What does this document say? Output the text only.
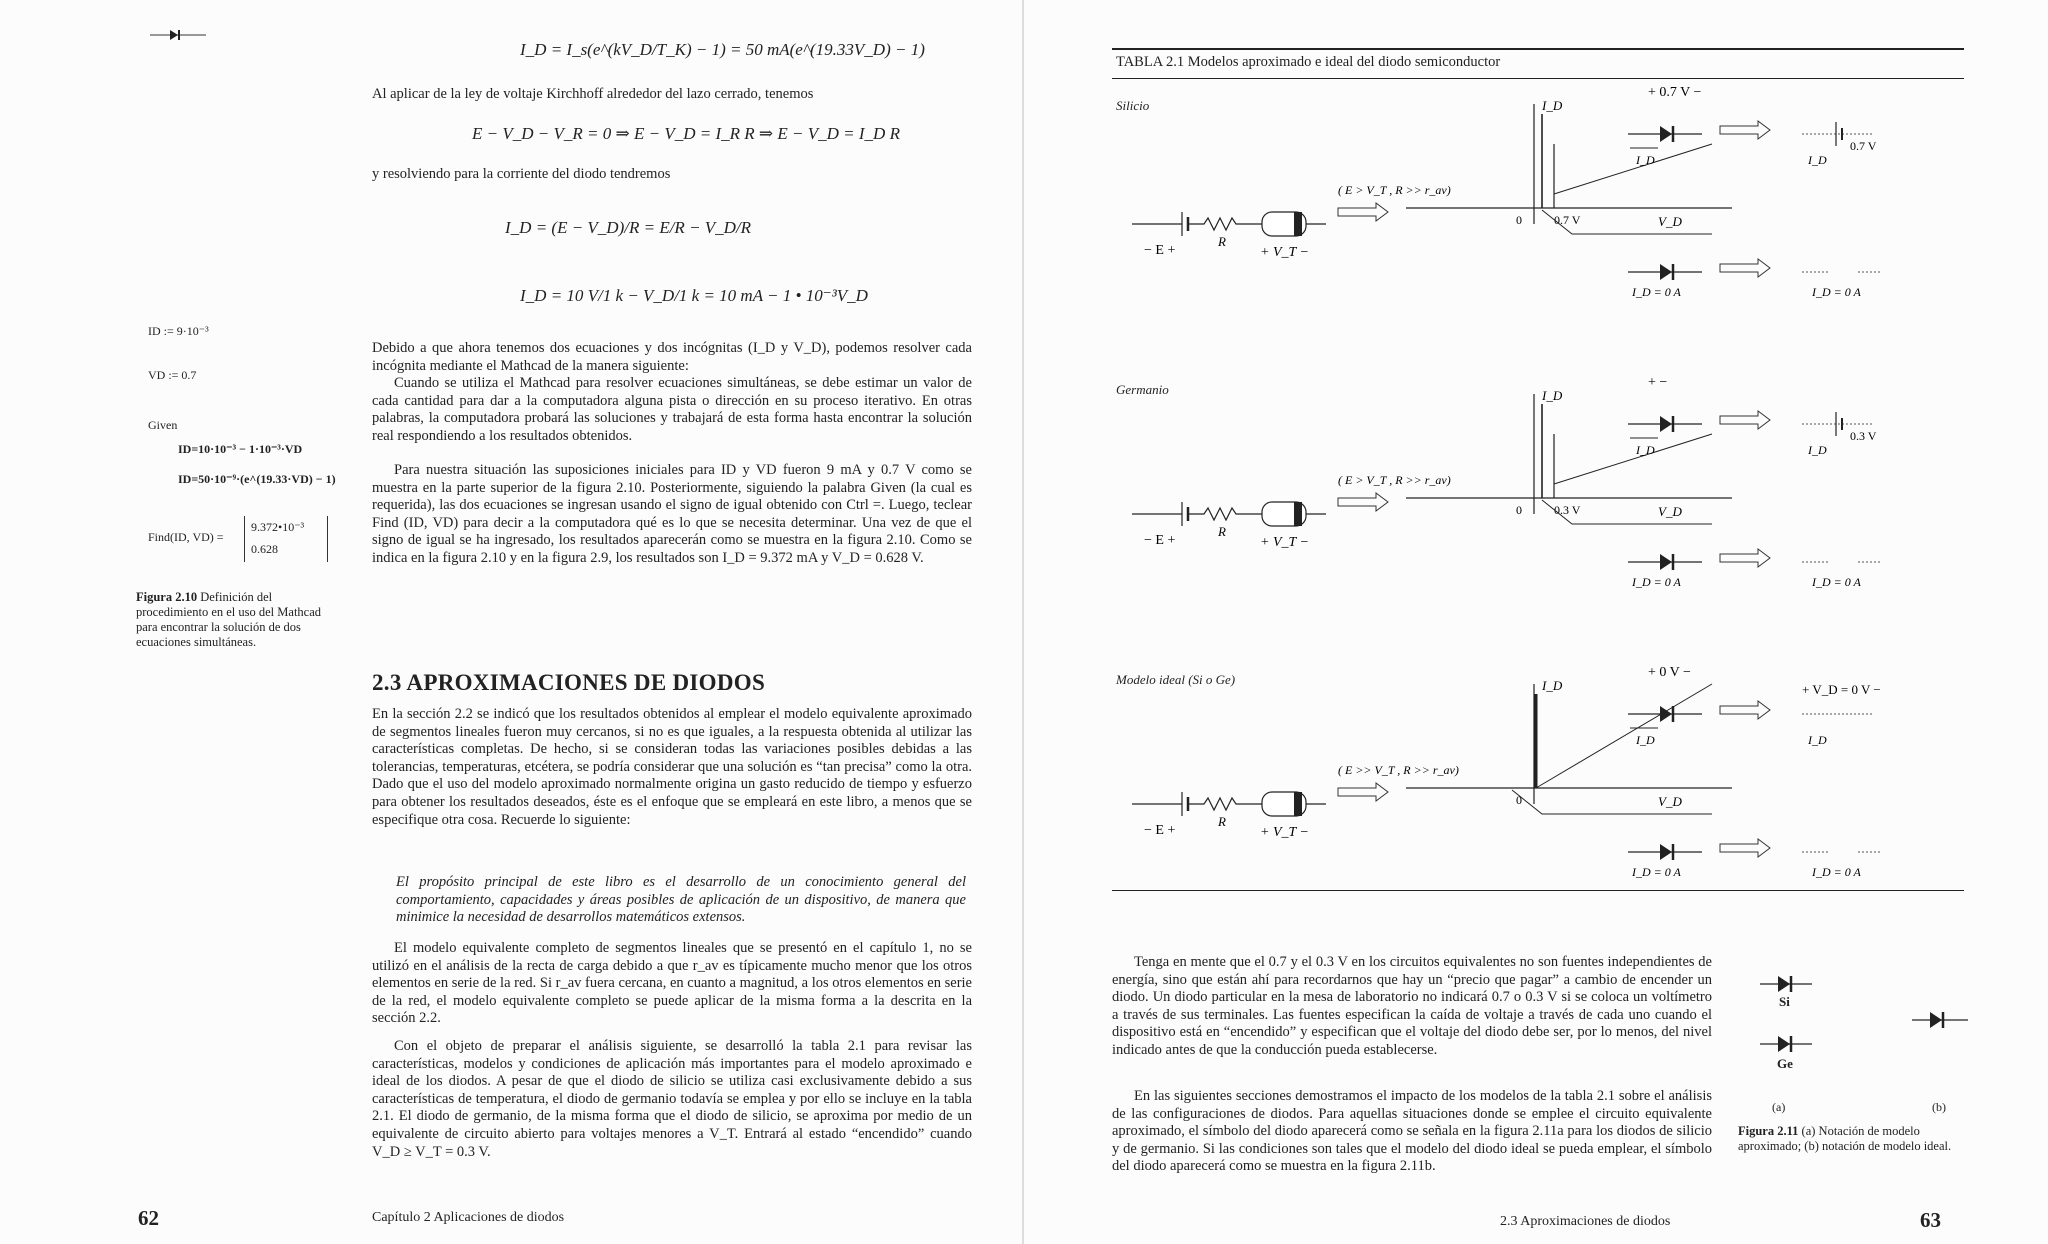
I_D = I_s(e^(kV_D/T_K) − 1) = 50 mA(e^(19.33V_D) − 1)

Al aplicar de la ley de voltaje Kirchhoff alrededor del lazo cerrado, tenemos

E − V_D − V_R = 0 ⇒ E − V_D = I_R R ⇒ E − V_D = I_D R

y resolviendo para la corriente del diodo tendremos

I_D = (E − V_D)/R = E/R − V_D/R
I_D = 10 V/1 k − V_D/1 k = 10 mA − 1 • 10⁻³V_D
ID := 9·10⁻³
VD := 0.7
Given
ID=10·10⁻³ − 1·10⁻³·VD
ID=50·10⁻⁹·(e^(19.33·VD) − 1)
Find(ID, VD) =
9.372•10⁻³
0.628
Figura 2.10 Definición del procedimiento en el uso del Mathcad para encontrar la solución de dos ecuaciones simultáneas.

Debido a que ahora tenemos dos ecuaciones y dos incógnitas (I_D y V_D), podemos resolver cada incógnita mediante el Mathcad de la manera siguiente:

Cuando se utiliza el Mathcad para resolver ecuaciones simultáneas, se debe estimar un valor de cada cantidad para dar a la computadora alguna pista o dirección en su proceso iterativo. En otras palabras, la computadora probará las soluciones y trabajará de esta forma hasta encontrar la solución real respondiendo a los resultados obtenidos.

Para nuestra situación las suposiciones iniciales para ID y VD fueron 9 mA y 0.7 V como se muestra en la parte superior de la figura 2.10. Posteriormente, siguiendo la palabra Given (la cual es requerida), las dos ecuaciones se ingresan usando el signo de igual obtenido con Ctrl =. Luego, teclear Find (ID, VD) para decir a la computadora qué es lo que se necesita determinar. Una vez de que el signo de igual se ha ingresado, los resultados aparecerán como se muestra en la figura 2.10. Como se indica en la figura 2.10 y en la figura 2.9, los resultados son I_D = 9.372 mA y V_D = 0.628 V.

2.3 APROXIMACIONES DE DIODOS

En la sección 2.2 se indicó que los resultados obtenidos al emplear el modelo equivalente aproximado de segmentos lineales fueron muy cercanos, si no es que iguales, a la respuesta obtenida al utilizar las características completas. De hecho, si se consideran todas las variaciones posibles debidas a las tolerancias, temperaturas, etcétera, se podría considerar que una solución es “tan precisa” como la otra. Dado que el uso del modelo aproximado normalmente origina un gasto reducido de tiempo y esfuerzo para obtener los resultados deseados, éste es el enfoque que se empleará en este libro, a menos que se especifique otra cosa. Recuerde lo siguiente:

El propósito principal de este libro es el desarrollo de un conocimiento general del comportamiento, capacidades y áreas posibles de aplicación de un dispositivo, de manera que minimice la necesidad de desarrollos matemáticos extensos.

El modelo equivalente completo de segmentos lineales que se presentó en el capítulo 1, no se utilizó en el análisis de la recta de carga debido a que r_av es típicamente mucho menor que los otros elementos en serie de la red. Si r_av fuera cercana, en cuanto a magnitud, a los otros elementos en serie de la red, el modelo equivalente completo se puede aplicar de la misma forma a la descrita en la sección 2.2.

Con el objeto de preparar el análisis siguiente, se desarrolló la tabla 2.1 para revisar las características, modelos y condiciones de aplicación más importantes para el modelo aproximado e ideal de los diodos. A pesar de que el diodo de silicio se utiliza casi exclusivamente debido a sus características de temperatura, el diodo de germanio todavía se emplea y por ello se incluye en la tabla 2.1. El diodo de germanio, de la misma forma que el diodo de silicio, se aproxima por medio de un equivalente de circuito abierto para voltajes menores a V_T. Entrará al estado “encendido” cuando V_D ≥ V_T = 0.3 V.

62	Capítulo 2 Aplicaciones de diodos
TABLA 2.1 Modelos aproximado e ideal del diodo semiconductor
Silicio
Germanio
Modelo ideal (Si o Ge)
− E +
R
+ V_T −
( E > V_T , R >> r_av)
I_D
V_D
0	0.7 V
+ 0.7 V −
I_D
0.7 V
I_D
I_D = 0 A	I_D = 0 A
− E +
R
+ V_T −
( E > V_T , R >> r_av)
I_D
V_D
0	0.3 V
+ −
I_D
0.3 V
I_D
I_D = 0 A	I_D = 0 A
− E +
R
+ V_T −
( E >> V_T , R >> r_av)
I_D
V_D
0
+ 0 V −
I_D
+ V_D = 0 V −
I_D
I_D = 0 A	I_D = 0 A

Tenga en mente que el 0.7 y el 0.3 V en los circuitos equivalentes no son fuentes independientes de energía, sino que están ahí para recordarnos que hay un “precio que pagar” a cambio de encender un diodo. Un diodo particular en la mesa de laboratorio no indicará 0.7 o 0.3 V si se coloca un voltímetro a través de sus terminales. Las fuentes especifican la caída de voltaje a través de cada uno cuando el dispositivo está en “encendido” y especifican que el voltaje del diodo debe ser, por lo menos, del nivel indicado antes de que la conducción pueda establecerse.

En las siguientes secciones demostramos el impacto de los modelos de la tabla 2.1 sobre el análisis de las configuraciones de diodos. Para aquellas situaciones donde se emplee el circuito equivalente aproximado, el símbolo del diodo aparecerá como se señala en la figura 2.11a para los diodos de silicio y de germanio. Si las condiciones son tales que el modelo del diodo ideal se pueda emplear, el símbolo del diodo aparecerá como se muestra en la figura 2.11b.

Si
Ge
(a)	(b)
Figura 2.11 (a) Notación de modelo aproximado; (b) notación de modelo ideal.
2.3 Aproximaciones de diodos	63
